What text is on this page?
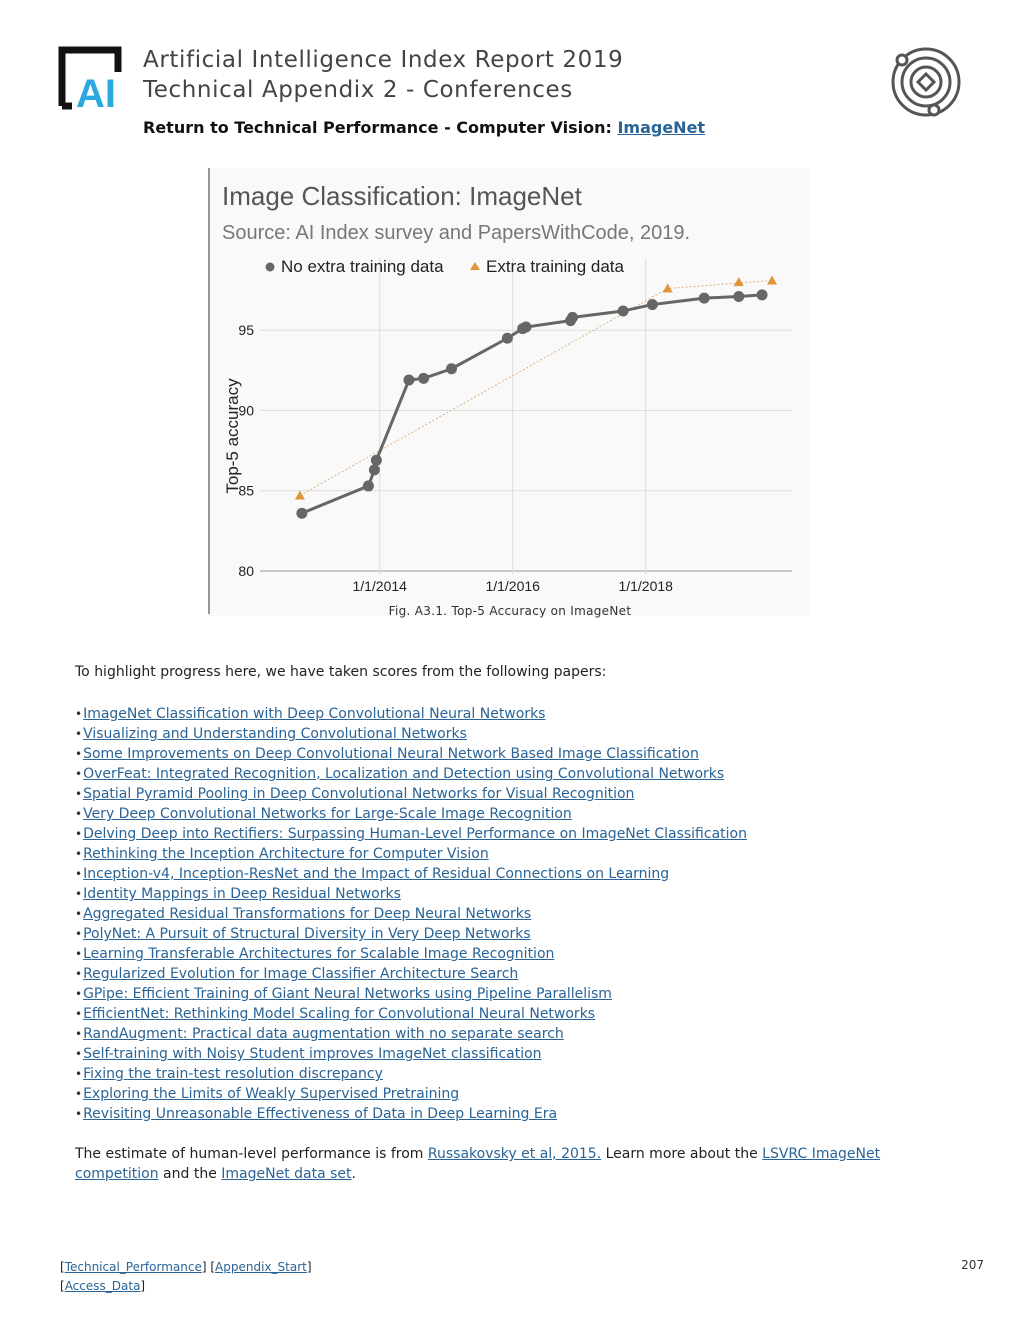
AI
Artificial Intelligence Index Report 2019
Technical Appendix 2 - Conferences
Return to Technical Performance - Computer Vision: ImageNet
Image Classification: ImageNet
Source: AI Index survey and PapersWithCode, 2019.
80
85
90
95
1/1/2014	1/1/2016	1/1/2018
No extra training data Extra training data
Top-5 accuracy
Fig. A3.1. Top-5 Accuracy on ImageNet
To highlight progress here, we have taken scores from the following papers:
•ImageNet Classification with Deep Convolutional Neural Networks
•Visualizing and Understanding Convolutional Networks
•Some Improvements on Deep Convolutional Neural Network Based Image Classification
•OverFeat: Integrated Recognition, Localization and Detection using Convolutional Networks
•Spatial Pyramid Pooling in Deep Convolutional Networks for Visual Recognition
•Very Deep Convolutional Networks for Large-Scale Image Recognition
•Delving Deep into Rectifiers: Surpassing Human-Level Performance on ImageNet Classification
•Rethinking the Inception Architecture for Computer Vision
•Inception-v4, Inception-ResNet and the Impact of Residual Connections on Learning
•Identity Mappings in Deep Residual Networks
•Aggregated Residual Transformations for Deep Neural Networks
•PolyNet: A Pursuit of Structural Diversity in Very Deep Networks
•Learning Transferable Architectures for Scalable Image Recognition
•Regularized Evolution for Image Classifier Architecture Search
•GPipe: Efficient Training of Giant Neural Networks using Pipeline Parallelism
•EfficientNet: Rethinking Model Scaling for Convolutional Neural Networks
•RandAugment: Practical data augmentation with no separate search
•Self-training with Noisy Student improves ImageNet classification
•Fixing the train-test resolution discrepancy
•Exploring the Limits of Weakly Supervised Pretraining
•Revisiting Unreasonable Effectiveness of Data in Deep Learning Era
The estimate of human-level performance is from Russakovsky et al, 2015. Learn more about the LSVRC ImageNet competition and the ImageNet data set.
[Technical_Performance] [Appendix_Start]
[Access_Data]
207
